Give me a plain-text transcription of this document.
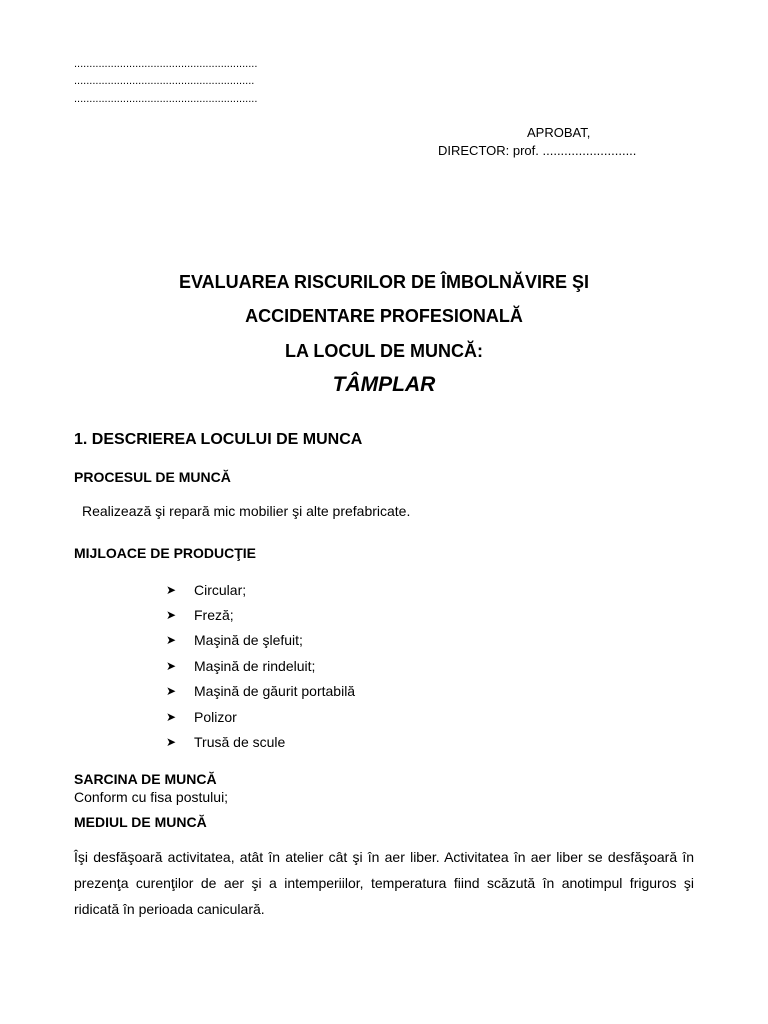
............................................................
...........................................................
............................................................
APROBAT,
DIRECTOR: prof. ..........................
EVALUAREA RISCURILOR DE ÎMBOLNĂVIRE ŞI
ACCIDENTARE PROFESIONALĂ
LA LOCUL DE MUNCĂ:
TÂMPLAR
1. DESCRIEREA LOCULUI DE MUNCA
PROCESUL DE MUNCĂ
Realizează şi repară mic mobilier şi alte prefabricate.
MIJLOACE DE PRODUCŢIE
➤	Circular;
➤	Freză;
➤	Maşină de şlefuit;
➤	Maşină de rindeluit;
➤	Maşină de găurit portabilă
➤	Polizor
➤	Trusă de scule
SARCINA DE MUNCĂ
Conform cu fisa postului;
MEDIUL DE MUNCĂ

Îşi desfăşoară activitatea, atât în atelier cât şi în aer liber. Activitatea în aer liber se desfăşoară în prezenţa curenţilor de aer şi a intemperiilor, temperatura fiind scăzută în anotimpul friguros şi ridicată în perioada caniculară.
